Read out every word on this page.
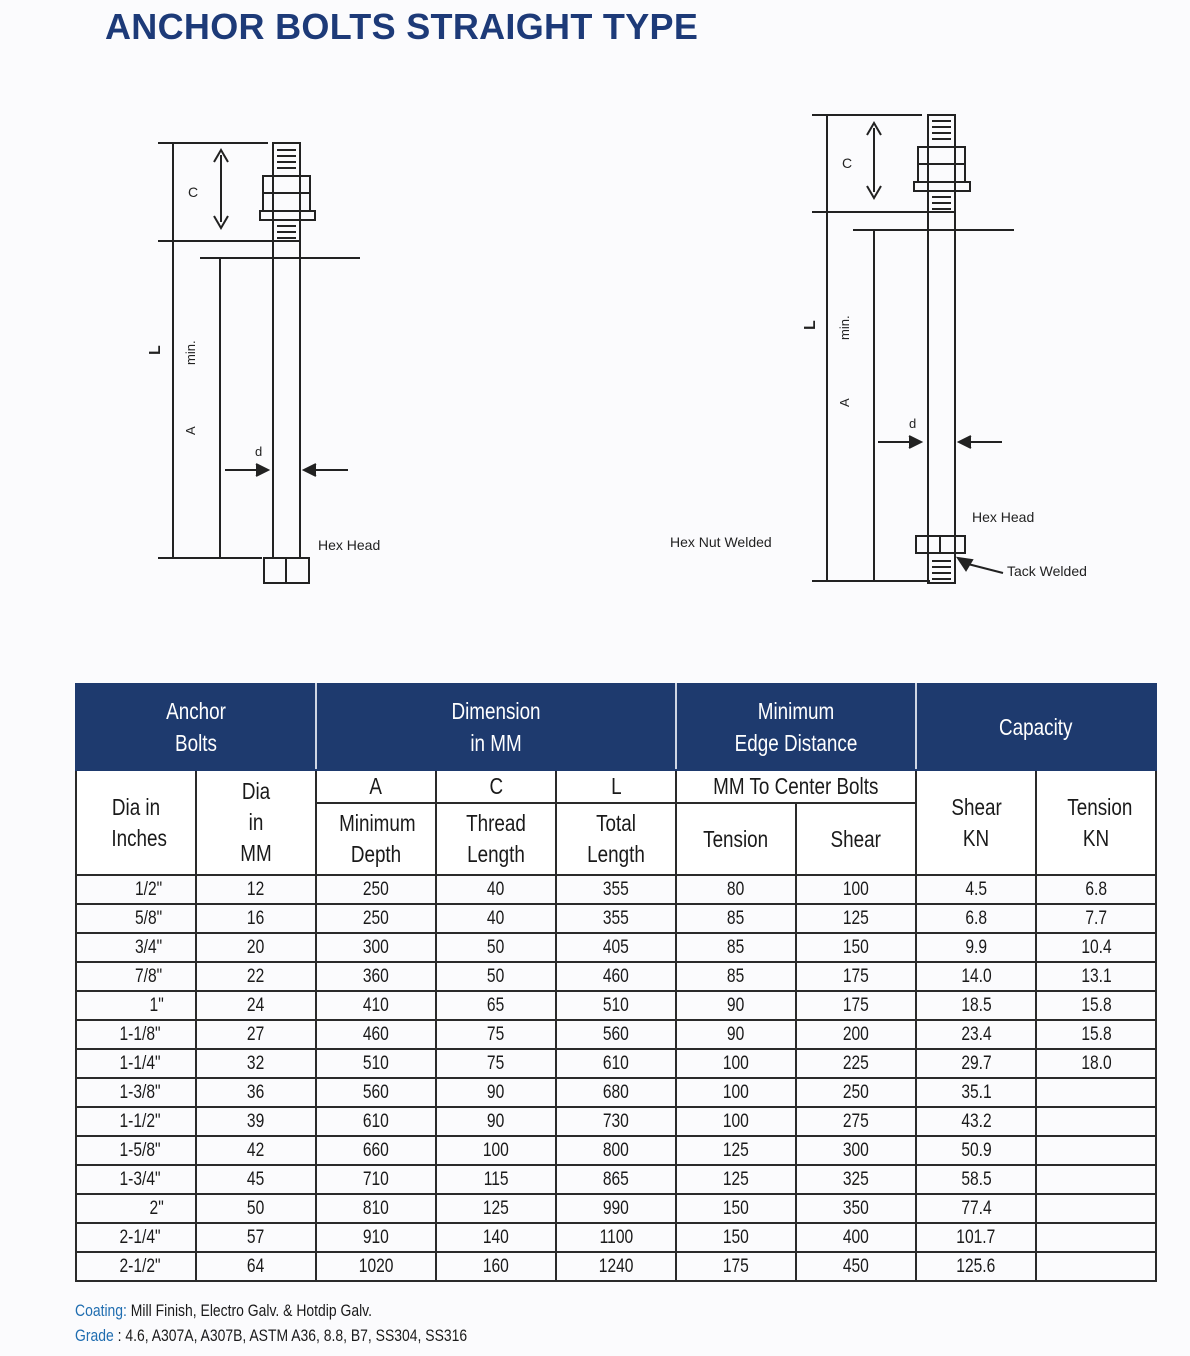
ANCHOR BOLTS STRAIGHT TYPE
C
L min.
A
d
Hex Head
C
L min.
A
d
Hex Head
Hex Nut Welded
Tack Welded
Anchor Bolts		Dimension in MM			Minimum Edge Distance		Capacity	
Dia in Inches	Dia in MM	A	C	L	MM To Center Bolts		Shear KN	Tension KN
		Minimum Depth	Thread Length	Total Length	Tension	Shear		
1/2"	12	250	40	355	80	100	4.5	6.8
5/8"	16	250	40	355	85	125	6.8	7.7
3/4"	20	300	50	405	85	150	9.9	10.4
7/8"	22	360	50	460	85	175	14.0	13.1
1"	24	410	65	510	90	175	18.5	15.8
1-1/8"	27	460	75	560	90	200	23.4	15.8
1-1/4"	32	510	75	610	100	225	29.7	18.0
1-3/8"	36	560	90	680	100	250	35.1	
1-1/2"	39	610	90	730	100	275	43.2	
1-5/8"	42	660	100	800	125	300	50.9	
1-3/4"	45	710	115	865	125	325	58.5	
2"	50	810	125	990	150	350	77.4	
2-1/4"	57	910	140	1100	150	400	101.7	
2-1/2"	64	1020	160	1240	175	450	125.6	
Coating: Mill Finish, Electro Galv. & Hotdip Galv.
Grade : 4.6, A307A, A307B, ASTM A36, 8.8, B7, SS304, SS316
